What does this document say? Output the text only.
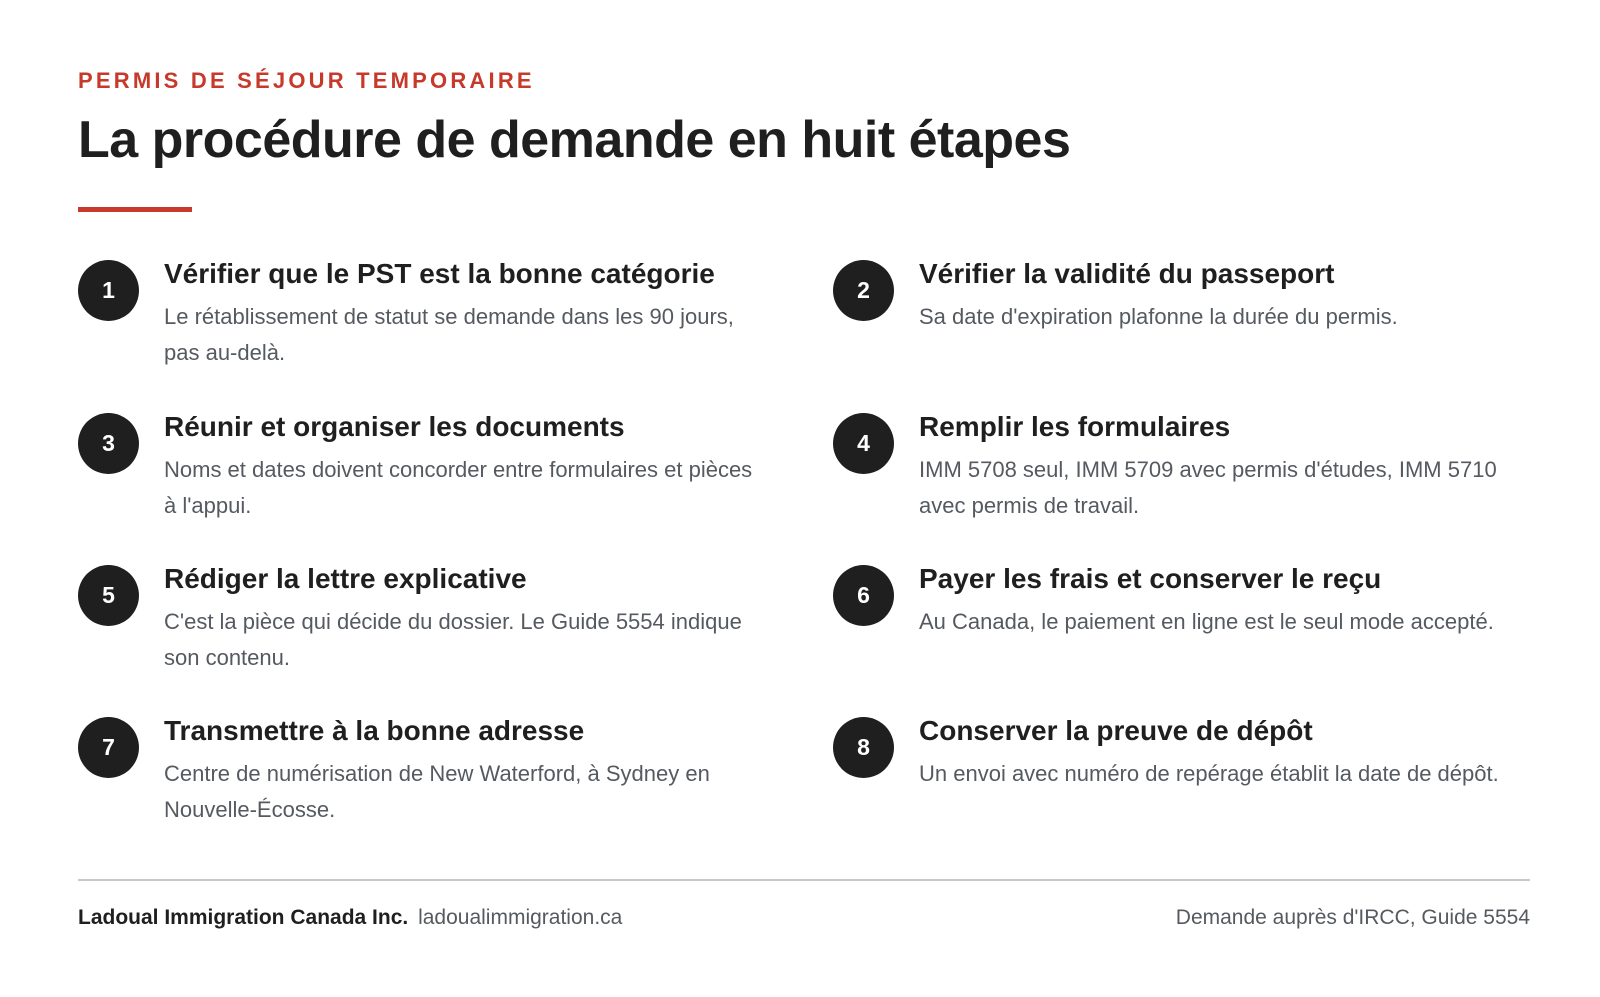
PERMIS DE SÉJOUR TEMPORAIRE
La procédure de demande en huit étapes
1
Vérifier que le PST est la bonne catégorie
Le rétablissement de statut se demande dans les 90 jours, pas au-delà.
2
Vérifier la validité du passeport
Sa date d'expiration plafonne la durée du permis.
3
Réunir et organiser les documents
Noms et dates doivent concorder entre formulaires et pièces à l'appui.
4
Remplir les formulaires
IMM 5708 seul, IMM 5709 avec permis d'études, IMM 5710 avec permis de travail.
5
Rédiger la lettre explicative
C'est la pièce qui décide du dossier. Le Guide 5554 indique son contenu.
6
Payer les frais et conserver le reçu
Au Canada, le paiement en ligne est le seul mode accepté.
7
Transmettre à la bonne adresse
Centre de numérisation de New Waterford, à Sydney en Nouvelle-Écosse.
8
Conserver la preuve de dépôt
Un envoi avec numéro de repérage établit la date de dépôt.
Ladoual Immigration Canada Inc. ladoualimmigration.ca	Demande auprès d'IRCC, Guide 5554
